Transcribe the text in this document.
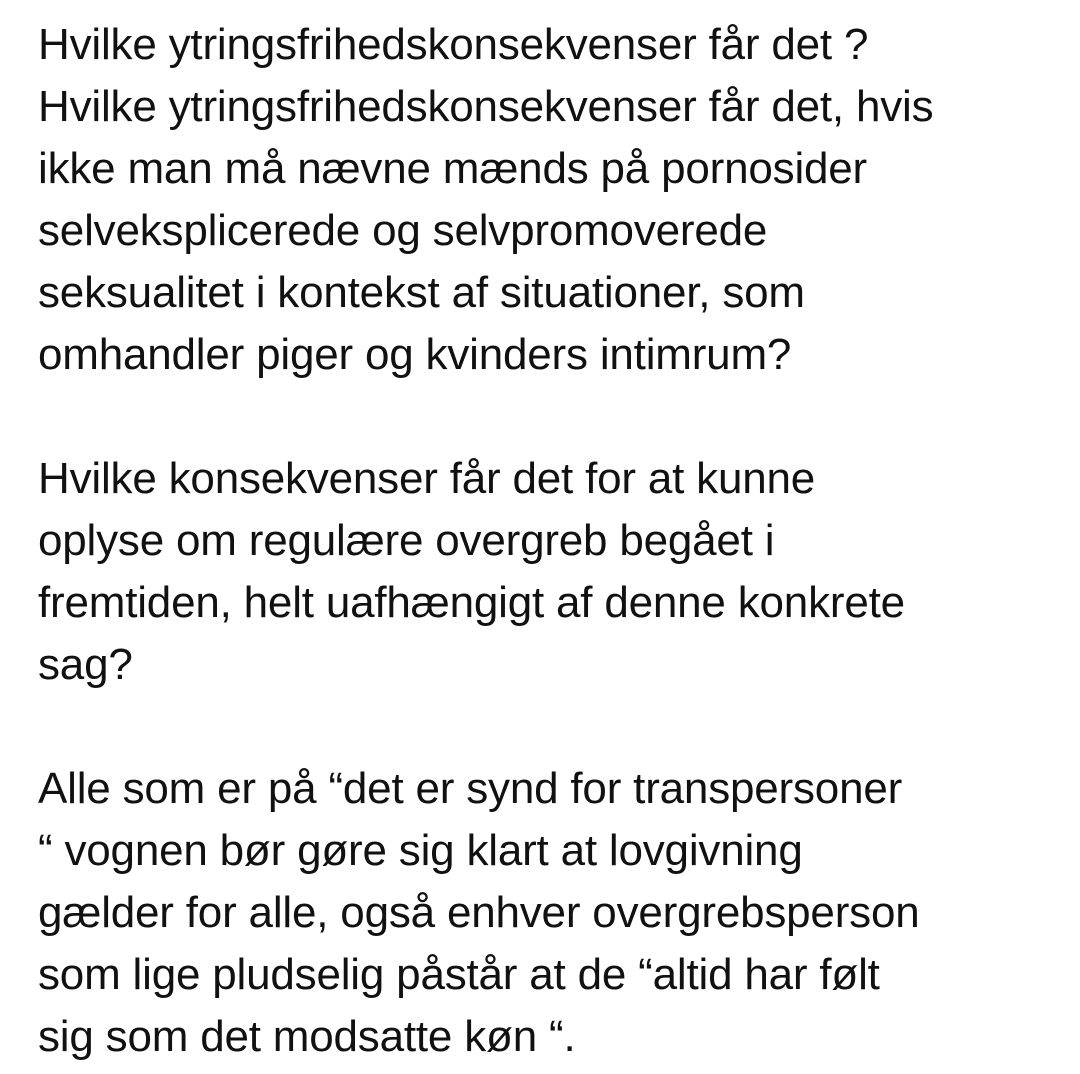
Hvilke ytringsfrihedskonsekvenser får det ?
Hvilke ytringsfrihedskonsekvenser får det, hvis
ikke man må nævne mænds på pornosider
selveksplicerede og selvpromoverede
seksualitet i kontekst af situationer, som
omhandler piger og kvinders intimrum?
Hvilke konsekvenser får det for at kunne
oplyse om regulære overgreb begået i
fremtiden, helt uafhængigt af denne konkrete
sag?
Alle som er på “det er synd for transpersoner
“ vognen bør gøre sig klart at lovgivning
gælder for alle, også enhver overgrebsperson
som lige pludselig påstår at de “altid har følt
sig som det modsatte køn “.
